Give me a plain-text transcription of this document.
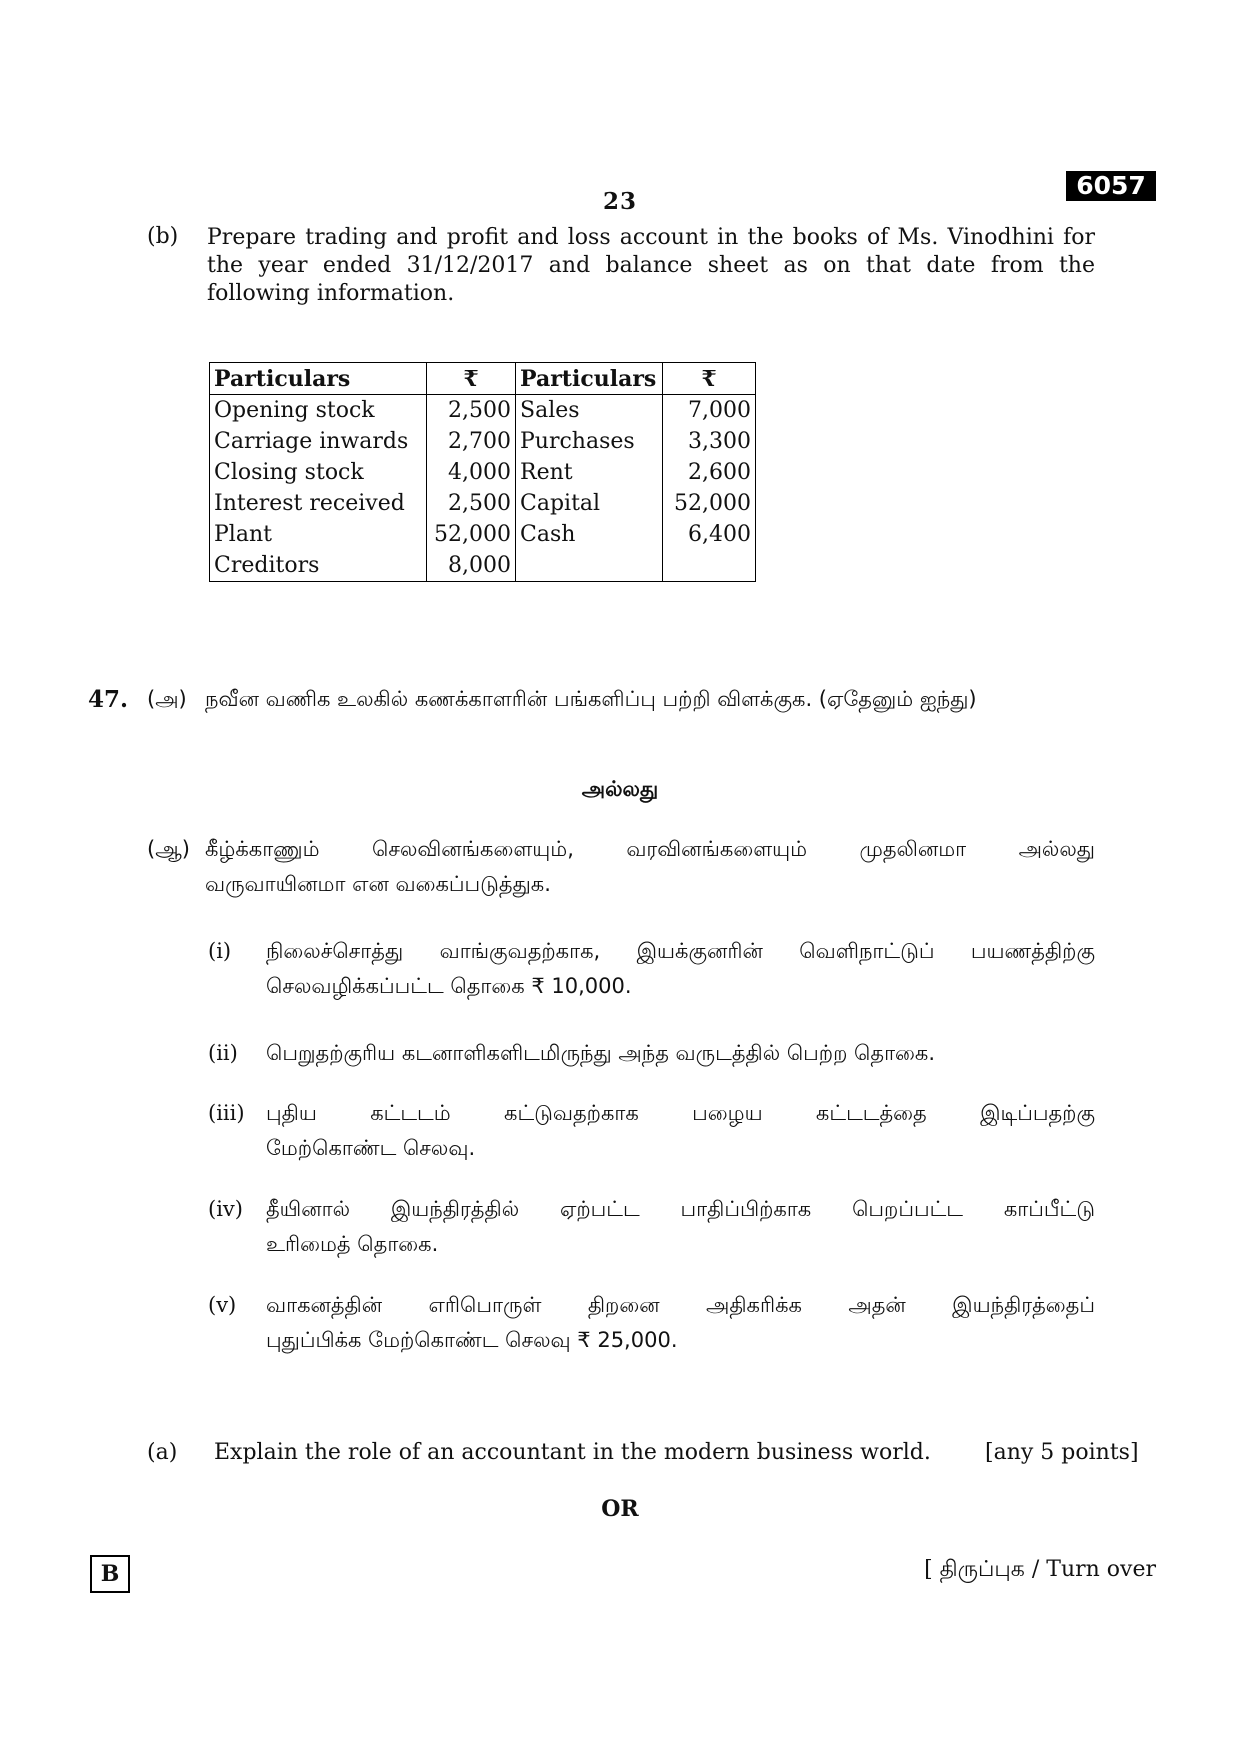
6057
23
(b) Prepare trading and profit and loss account in the books of Ms. Vinodhini for the year ended 31/12/2017 and balance sheet as on that date from the following information.
Particulars	₹	Particulars	₹
Opening stock	2,500	Sales	7,000
Carriage inwards	2,700	Purchases	3,300
Closing stock	4,000	Rent	2,600
Interest received	2,500	Capital	52,000
Plant	52,000	Cash	6,400
Creditors	8,000		
47. (அ) நவீன வணிக உலகில் கணக்காளரின் பங்களிப்பு பற்றி விளக்குக. (ஏதேனும் ஐந்து)
அல்லது
(ஆ) கீழ்க்காணும் செலவினங்களையும், வரவினங்களையும் முதலினமா அல்லது
வருவாயினமா என வகைப்படுத்துக.
(i) நிலைச்சொத்து வாங்குவதற்காக, இயக்குனரின் வெளிநாட்டுப் பயணத்திற்கு
செலவழிக்கப்பட்ட தொகை ₹ 10,000.
(ii) பெறுதற்குரிய கடனாளிகளிடமிருந்து அந்த வருடத்தில் பெற்ற தொகை.
(iii) புதிய கட்டடம் கட்டுவதற்காக பழைய கட்டடத்தை இடிப்பதற்கு
மேற்கொண்ட செலவு.
(iv) தீயினால் இயந்திரத்தில் ஏற்பட்ட பாதிப்பிற்காக பெறப்பட்ட காப்பீட்டு
உரிமைத் தொகை.
(v) வாகனத்தின் எரிபொருள் திறனை அதிகரிக்க அதன் இயந்திரத்தைப்
புதுப்பிக்க மேற்கொண்ட செலவு ₹ 25,000.
(a) Explain the role of an accountant in the modern business world. [any 5 points]
OR
B	[ திருப்புக / Turn over
